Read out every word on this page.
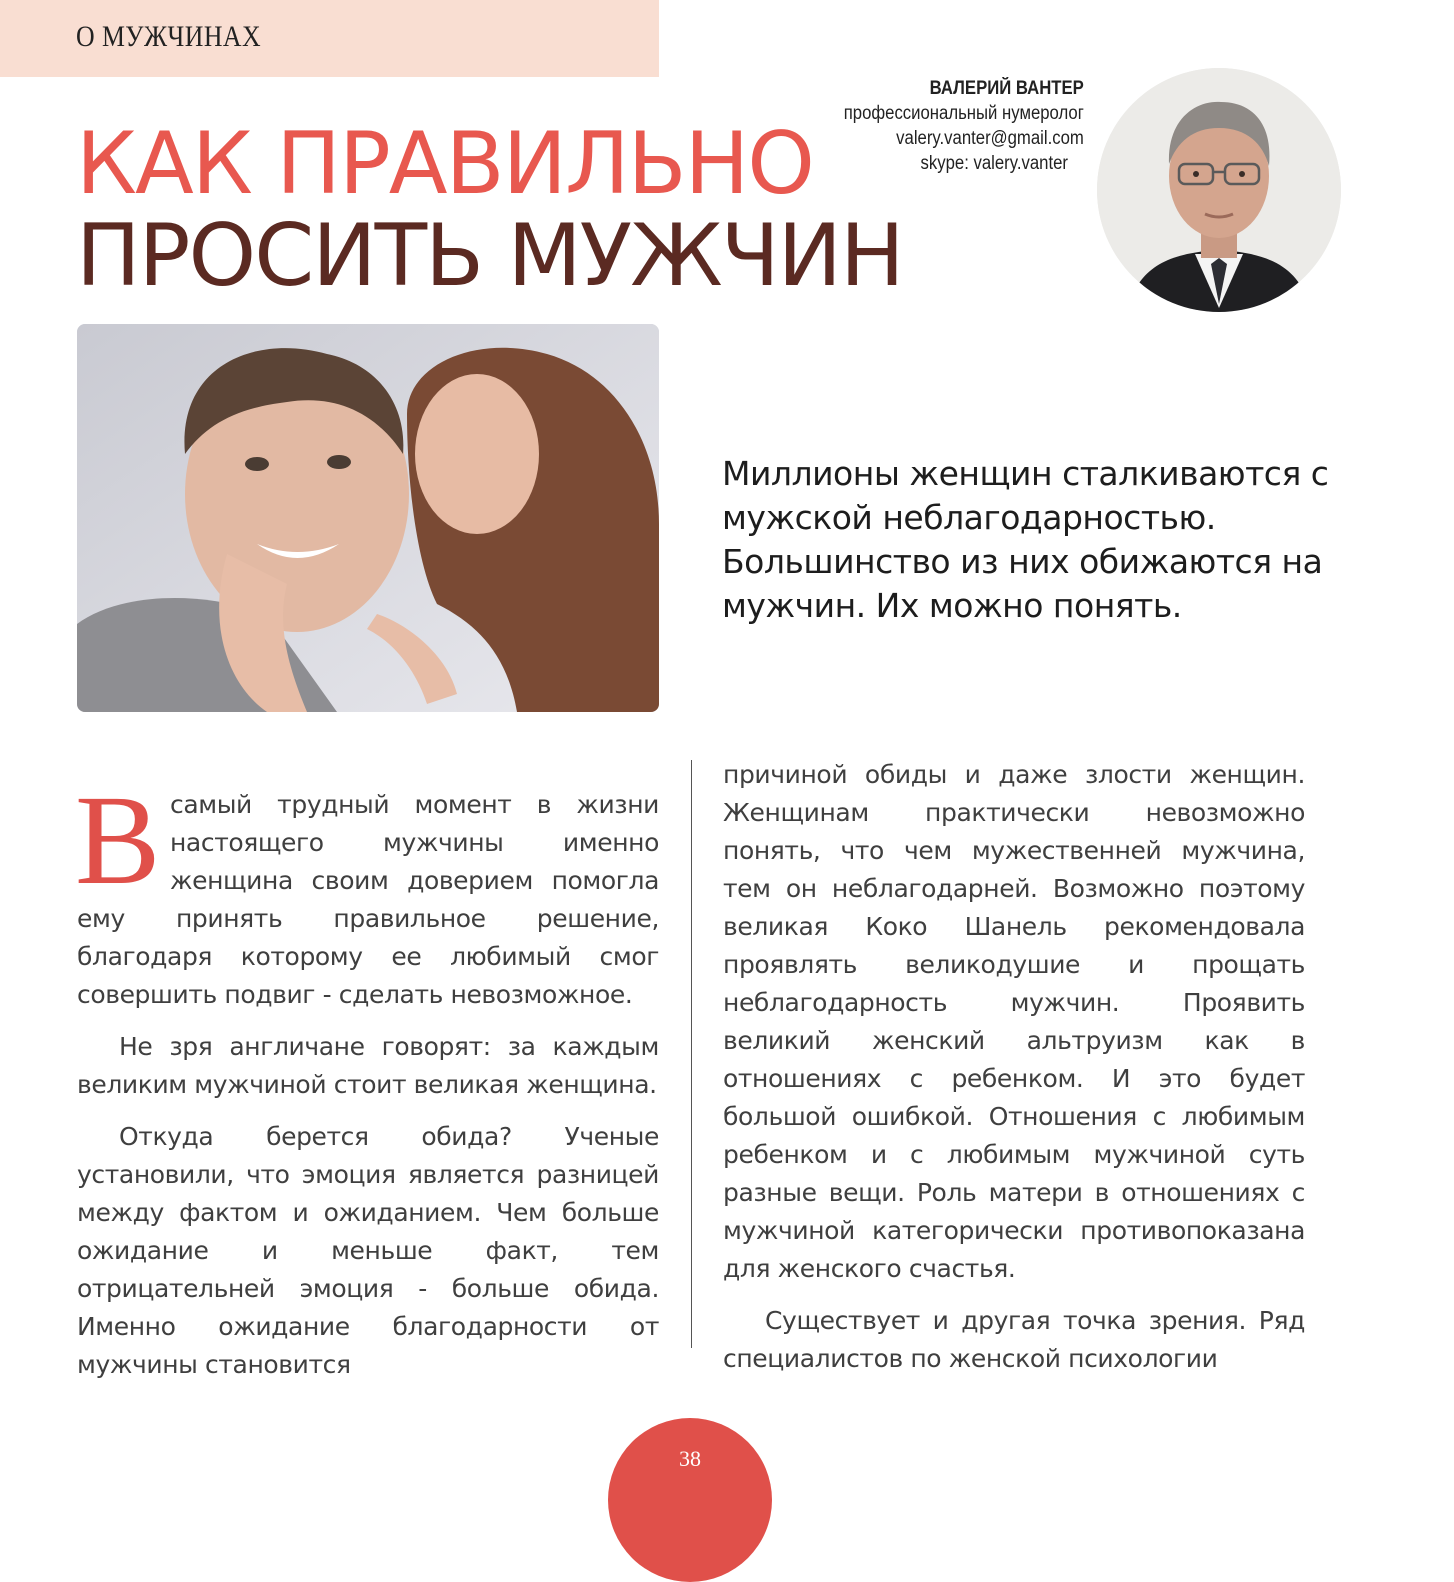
О МУЖЧИНАХ
КАК ПРАВИЛЬНО
ПРОСИТЬ МУЖЧИН
ВАЛЕРИЙ ВАНТЕР
профессиональный нумеролог
valery.vanter@gmail.com
skype: valery.vanter

Миллионы женщин сталкиваются с мужской неблагодарностью. Большинство из них обижаются на мужчин. Их можно понять.

В самый трудный момент в жизни настоящего мужчины именно женщина своим доверием помогла ему принять правильное решение, благодаря которому ее любимый смог совершить подвиг - сделать невозможное.

Не зря англичане говорят: за каждым великим мужчиной стоит великая женщина.

Откуда берется обида? Ученые установили, что эмоция является разницей между фактом и ожиданием. Чем больше ожидание и меньше факт, тем отрицательней эмоция - больше обида. Именно ожидание благодарности от мужчины становится

причиной обиды и даже злости женщин. Женщинам практически невозможно понять, что чем мужественней мужчина, тем он неблагодарней. Возможно поэтому великая Коко Шанель рекомендовала проявлять великодушие и прощать неблагодарность мужчин. Проявить великий женский альтруизм как в отношениях с ребенком. И это будет большой ошибкой. Отношения с любимым ребенком и с любимым мужчиной суть разные вещи. Роль матери в отношениях с мужчиной категорически противопоказана для женского счастья.

Существует и другая точка зрения. Ряд специалистов по женской психологии

38
